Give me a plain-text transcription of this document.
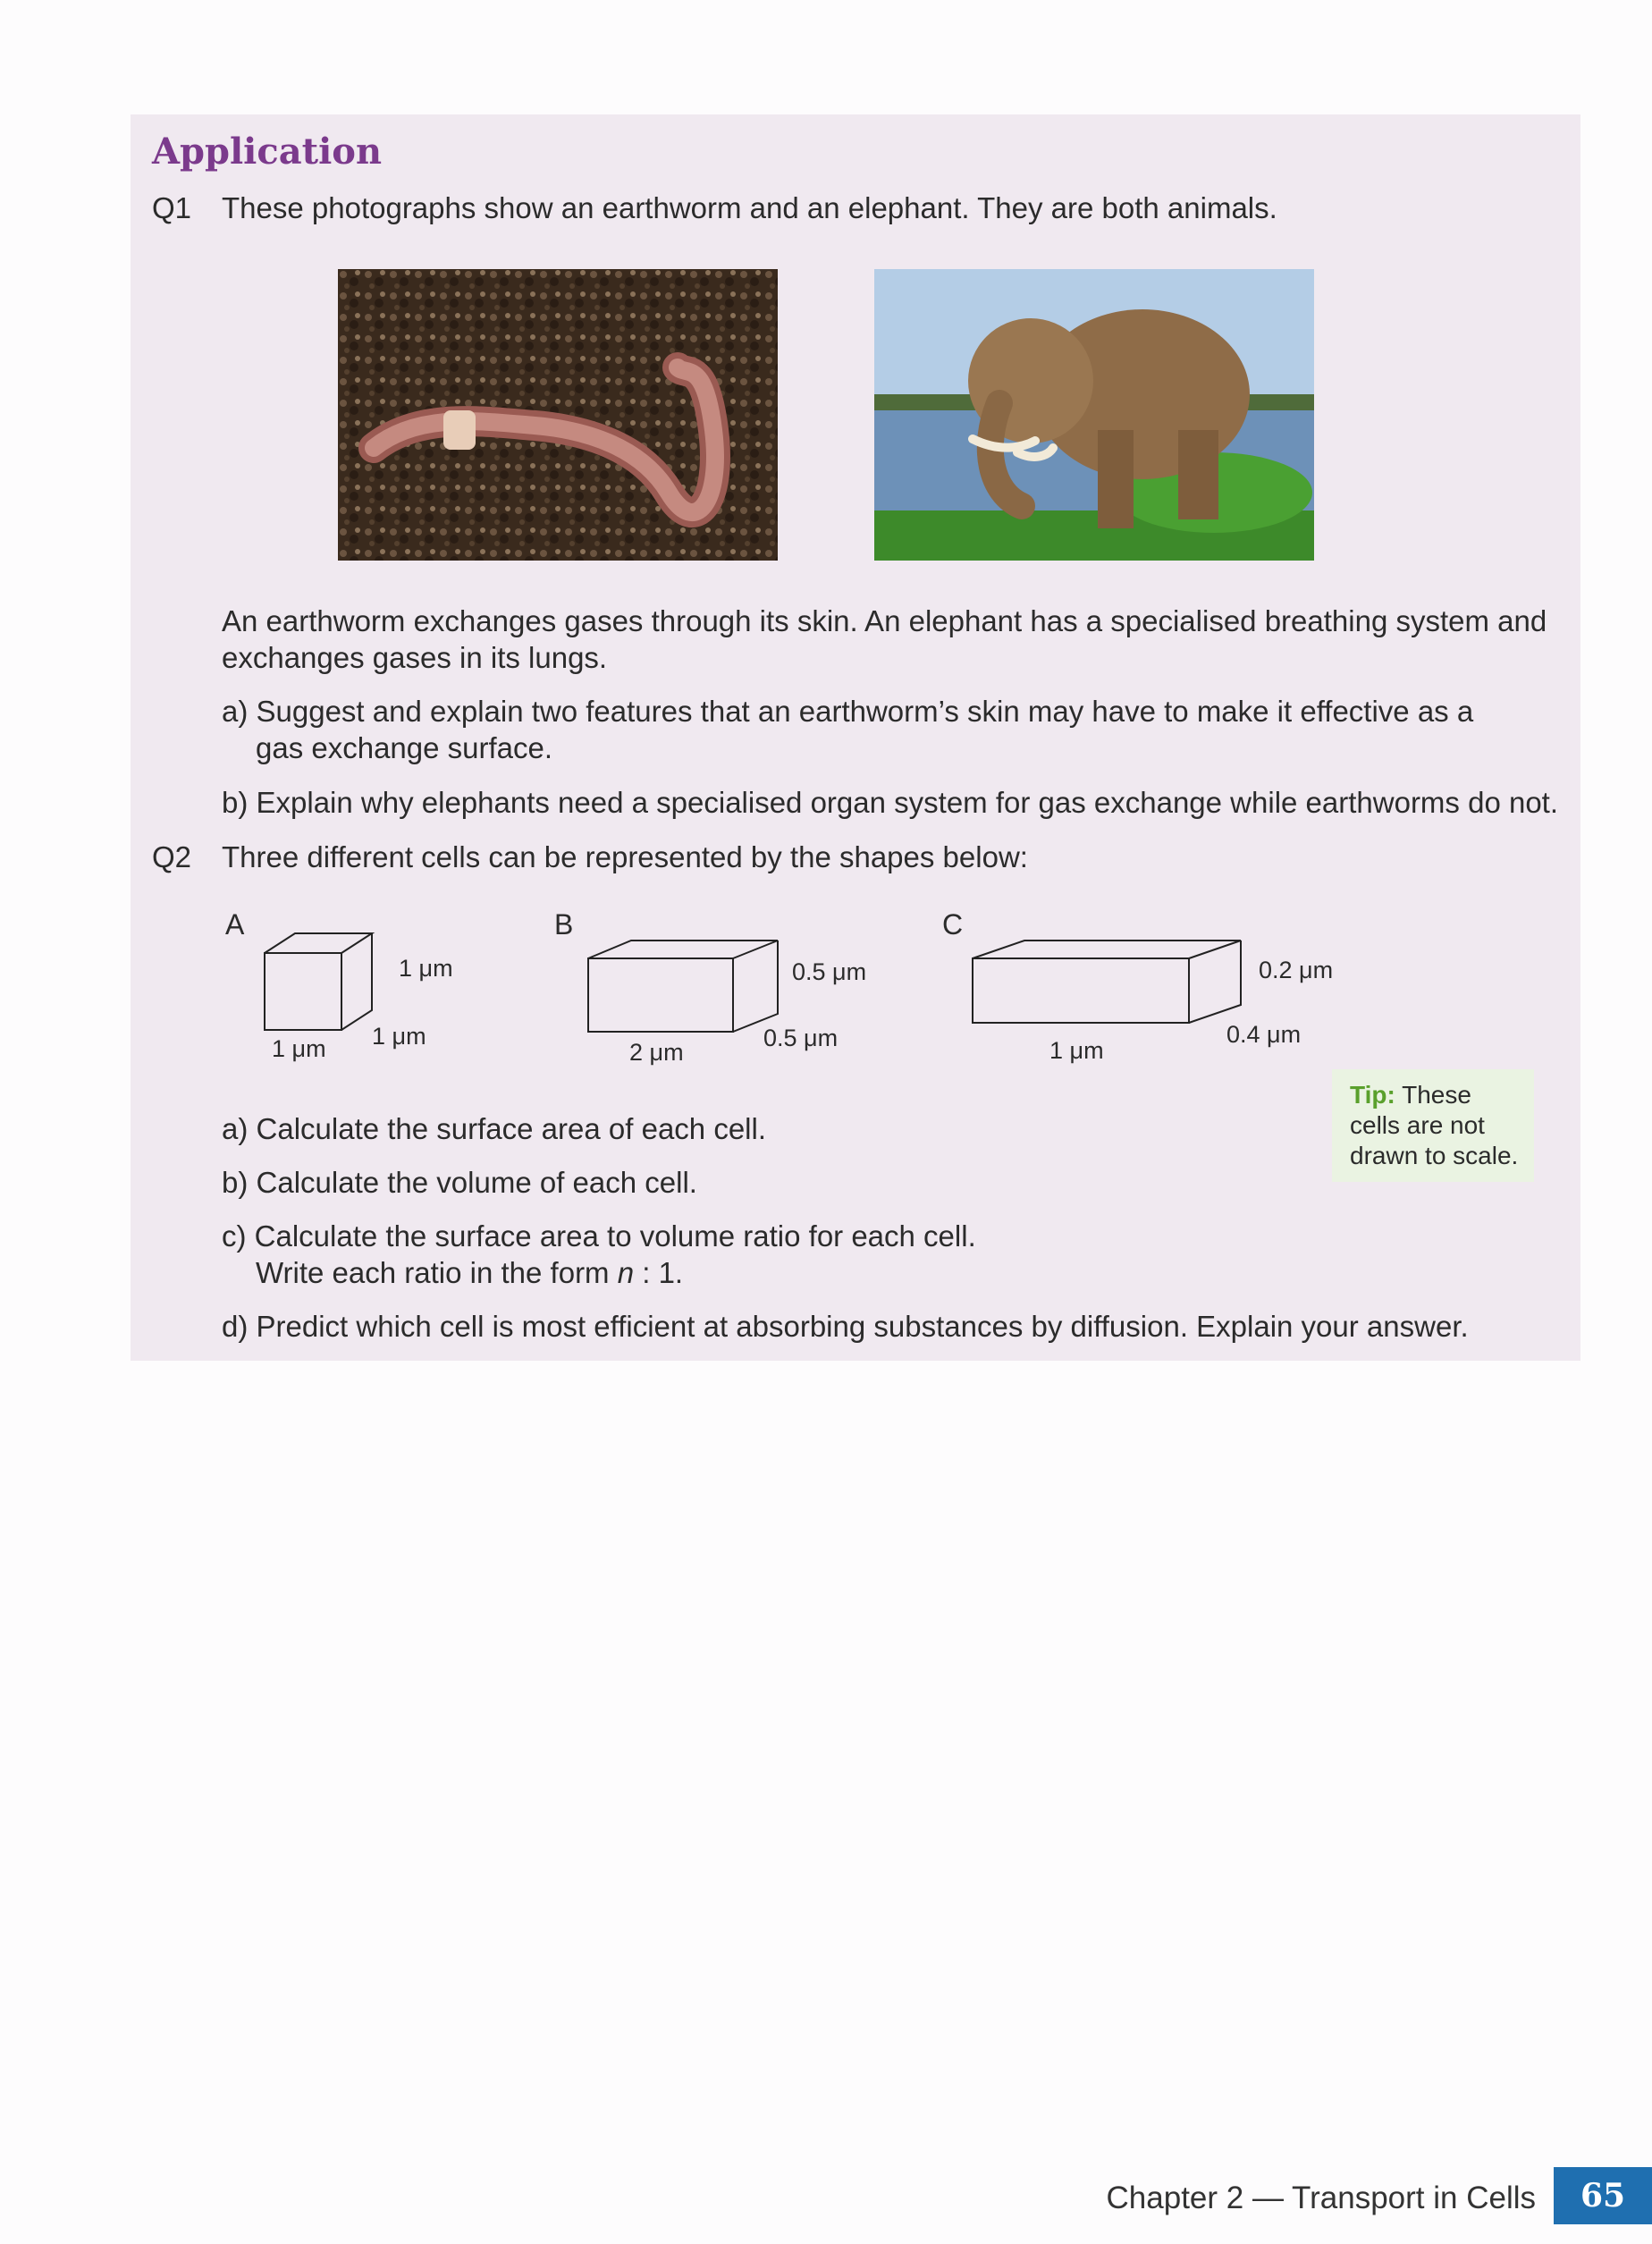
Application
Q1 These photographs show an earthworm and an elephant. They are both animals.
An earthworm exchanges gases through its skin. An elephant has a specialised breathing system and
exchanges gases in its lungs.
a) Suggest and explain two features that an earthworm’s skin may have to make it effective as a
gas exchange surface.
b) Explain why elephants need a specialised organ system for gas exchange while earthworms do not.
Q2 Three different cells can be represented by the shapes below:
A
1 μm
1 μm
1 μm
B
0.5 μm
0.5 μm
2 μm
C
0.2 μm
0.4 μm
1 μm
a) Calculate the surface area of each cell.
b) Calculate the volume of each cell.
c) Calculate the surface area to volume ratio for each cell.
Write each ratio in the form n : 1.
d) Predict which cell is most efficient at absorbing substances by diffusion. Explain your answer.
Tip: These
cells are not
drawn to scale.
Chapter 2 — Transport in Cells	65
